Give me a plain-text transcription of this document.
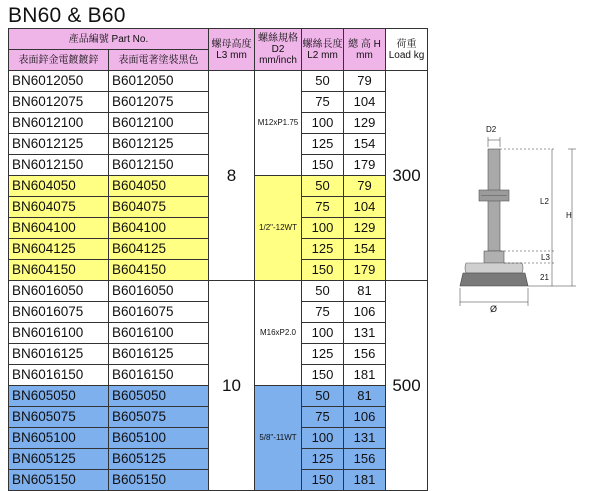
BN60 & B60
產品編號 Part No.		螺母高度 L3 mm	螺絲規格 D2 mm/inch	螺絲長度 L2 mm	總 高 H mm	荷重 Load kg
表面鋅金電鍍鍍鋅	表面電著塗裝黑色					
BN6012050	B6012050	8	M12xP1.75	50	79	300
BN6012075	B6012075			75	104	
BN6012100	B6012100			100	129	
BN6012125	B6012125			125	154	
BN6012150	B6012150			150	179	
BN604050	B604050		1/2"-12WT	50	79	
BN604075	B604075			75	104	
BN604100	B604100			100	129	
BN604125	B604125			125	154	
BN604150	B604150			150	179	
BN6016050	B6016050	10	M16xP2.0	50	81	500
BN6016075	B6016075			75	106	
BN6016100	B6016100			100	131	
BN6016125	B6016125			125	156	
BN6016150	B6016150			150	181	
BN605050	B605050		5/8"-11WT	50	81	
BN605075	B605075			75	106	
BN605100	B605100			100	131	
BN605125	B605125			125	156	
BN605150	B605150			150	181	
D2
L2
H
L3
21
Ø
